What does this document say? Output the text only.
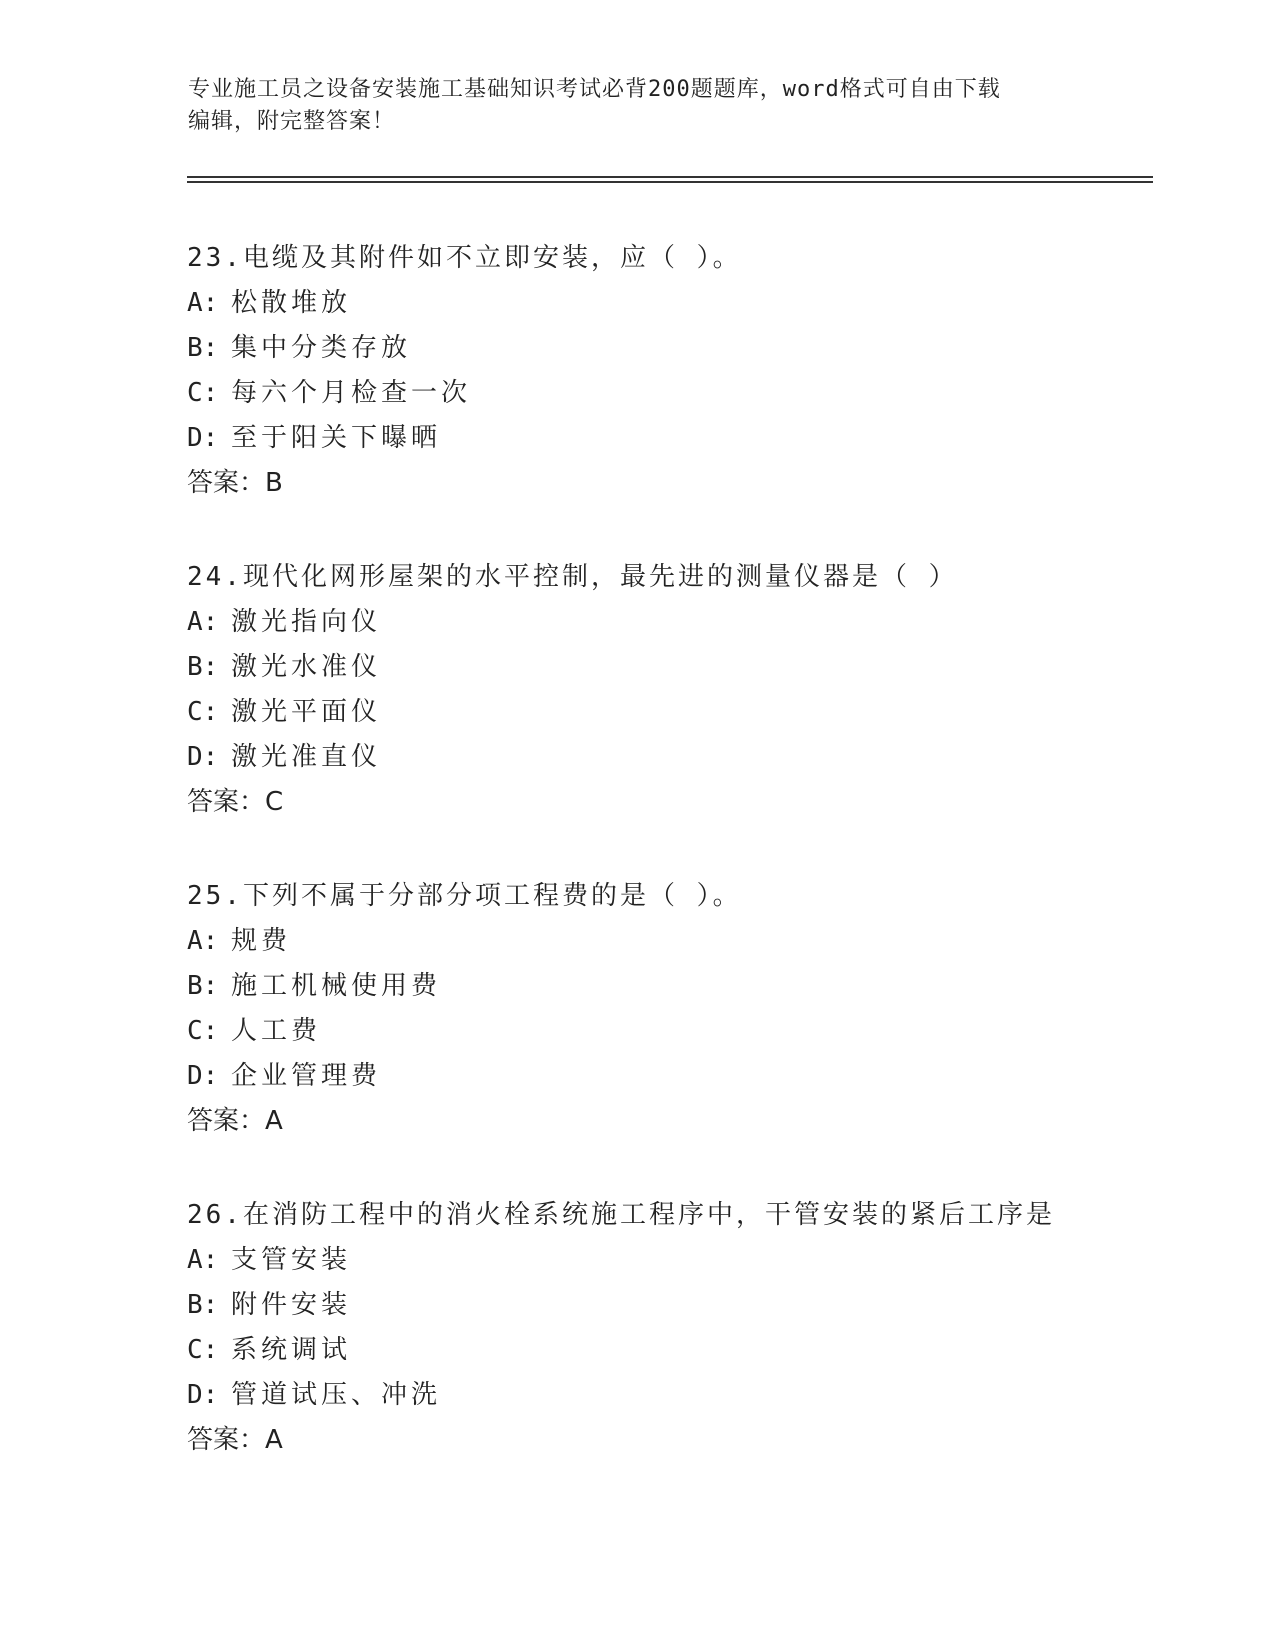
专业施工员之设备安装施工基础知识考试必背200题题库，word格式可自由下载
编辑，附完整答案！
23.电缆及其附件如不立即安装，应（ ）。
A: 松散堆放
B: 集中分类存放
C: 每六个月检查一次
D: 至于阳关下曝晒
答案：B
24.现代化网形屋架的水平控制，最先进的测量仪器是（ ）
A: 激光指向仪
B: 激光水准仪
C: 激光平面仪
D: 激光准直仪
答案：C
25.下列不属于分部分项工程费的是（ ）。
A: 规费
B: 施工机械使用费
C: 人工费
D: 企业管理费
答案：A
26.在消防工程中的消火栓系统施工程序中，干管安装的紧后工序是
A: 支管安装
B: 附件安装
C: 系统调试
D: 管道试压、冲洗
答案：A
